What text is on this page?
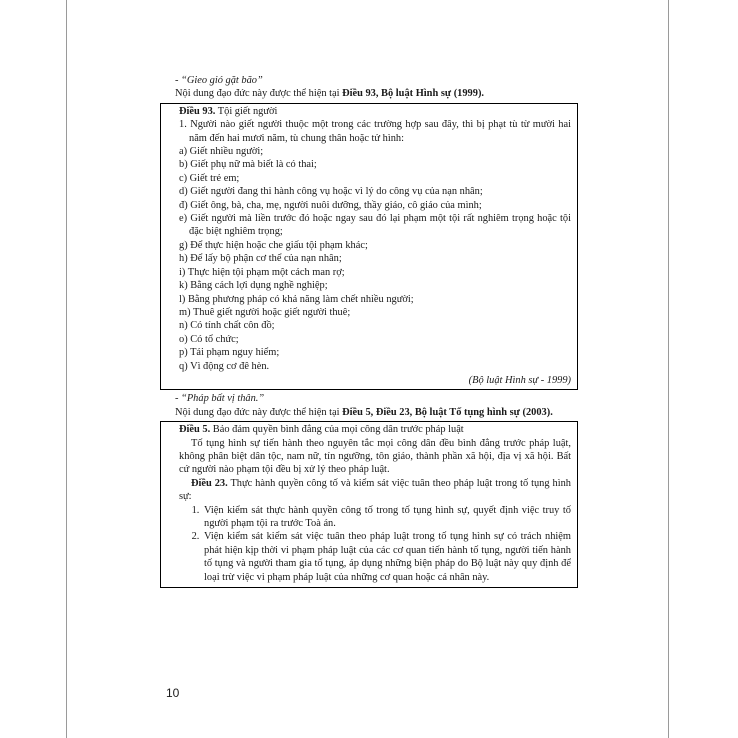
- “Gieo gió gặt bão”

Nội dung đạo đức này được thể hiện tại Điều 93, Bộ luật Hình sự (1999).

Điều 93. Tội giết người

1. Người nào giết người thuộc một trong các trường hợp sau đây, thì bị phạt tù từ mười hai năm đến hai mươi năm, tù chung thân hoặc tử hình:

a) Giết nhiều người;

b) Giết phụ nữ mà biết là có thai;

c) Giết trẻ em;

d) Giết người đang thi hành công vụ hoặc vì lý do công vụ của nạn nhân;

đ) Giết ông, bà, cha, mẹ, người nuôi dưỡng, thầy giáo, cô giáo của mình;

e) Giết người mà liền trước đó hoặc ngay sau đó lại phạm một tội rất nghiêm trọng hoặc tội đặc biệt nghiêm trọng;

g) Để thực hiện hoặc che giấu tội phạm khác;

h) Để lấy bộ phận cơ thể của nạn nhân;

i) Thực hiện tội phạm một cách man rợ;

k) Bằng cách lợi dụng nghề nghiệp;

l) Bằng phương pháp có khả năng làm chết nhiều người;

m) Thuê giết người hoặc giết người thuê;

n) Có tính chất côn đồ;

o) Có tổ chức;

p) Tái phạm nguy hiểm;

q) Vì động cơ đê hèn.

(Bộ luật Hình sự - 1999)

- “Pháp bất vị thân.”

Nội dung đạo đức này được thể hiện tại Điều 5, Điều 23, Bộ luật Tố tụng hình sự (2003).

Điều 5. Bảo đảm quyền bình đẳng của mọi công dân trước pháp luật

Tố tụng hình sự tiến hành theo nguyên tắc mọi công dân đều bình đẳng trước pháp luật, không phân biệt dân tộc, nam nữ, tín ngưỡng, tôn giáo, thành phần xã hội, địa vị xã hội. Bất cứ người nào phạm tội đều bị xử lý theo pháp luật.

Điều 23. Thực hành quyền công tố và kiểm sát việc tuân theo pháp luật trong tố tụng hình sự:

1. Viện kiểm sát thực hành quyền công tố trong tố tụng hình sự, quyết định việc truy tố người phạm tội ra trước Toà án.
2. Viện kiểm sát kiểm sát việc tuân theo pháp luật trong tố tụng hình sự có trách nhiệm phát hiện kịp thời vi phạm pháp luật của các cơ quan tiến hành tố tụng, người tiến hành tố tụng và người tham gia tố tụng, áp dụng những biện pháp do Bộ luật này quy định để loại trừ việc vi phạm pháp luật của những cơ quan hoặc cá nhân này.
10
